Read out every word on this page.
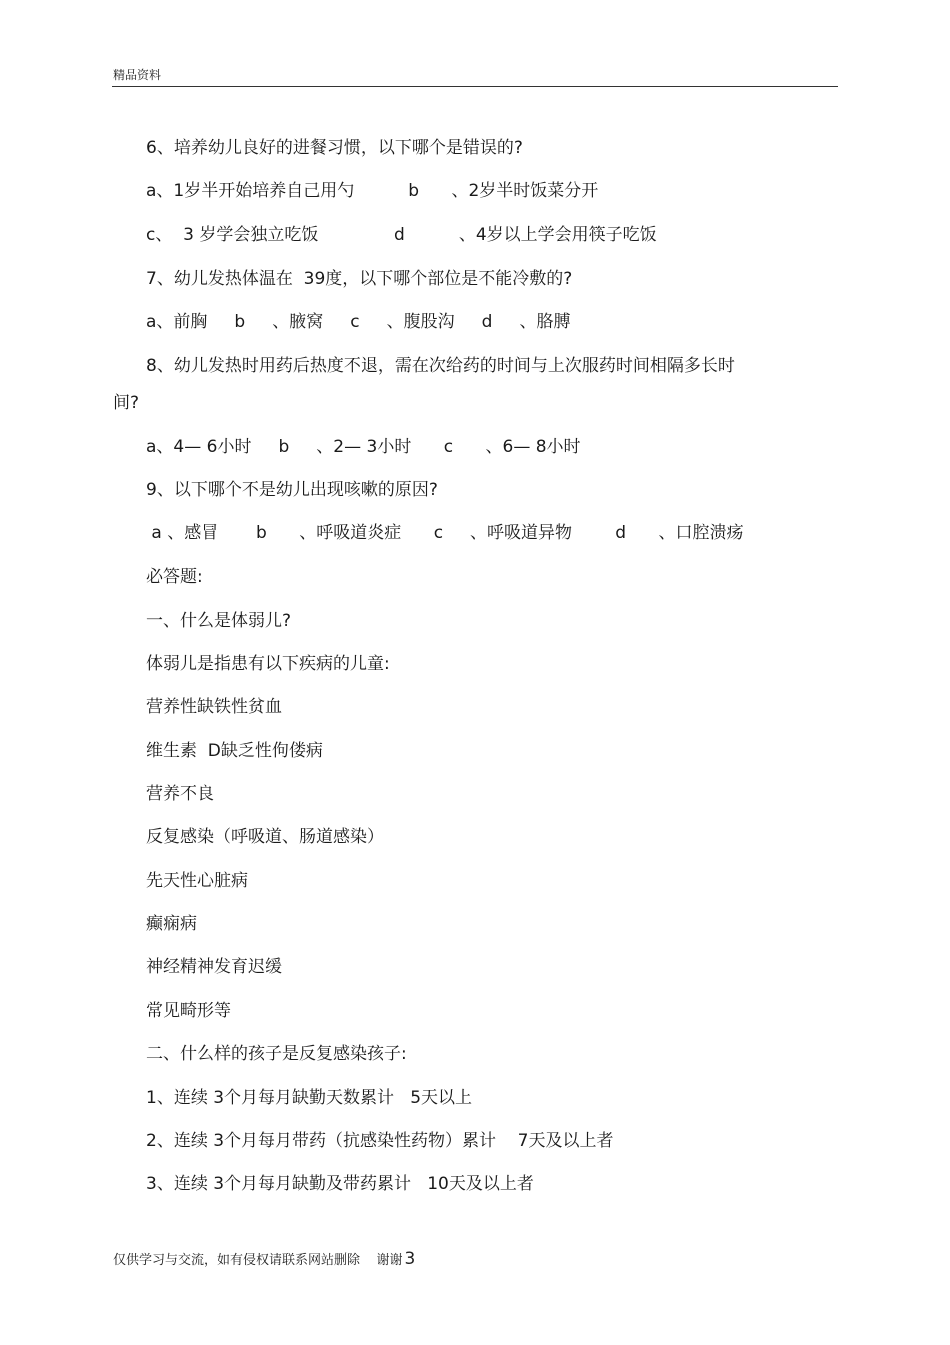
精品资料
6、培养幼儿良好的进餐习惯，以下哪个是错误的?
a、1岁半开始培养自己用勺          b      、2岁半时饭菜分开
c、  3 岁学会独立吃饭              d          、4岁以上学会用筷子吃饭
7、幼儿发热体温在  39度，以下哪个部位是不能冷敷的?
a、前胸     b     、腋窝     c     、腹股沟     d     、胳膊
8、幼儿发热时用药后热度不退，需在次给药的时间与上次服药时间相隔多长时
间?
a、4— 6小时     b     、2— 3小时      c      、6— 8小时
9、以下哪个不是幼儿出现咳嗽的原因?
a 、感冒       b      、呼吸道炎症      c     、呼吸道异物        d      、口腔溃疡
必答题:
一、什么是体弱儿?
体弱儿是指患有以下疾病的儿童:
营养性缺铁性贫血
维生素  D缺乏性佝偻病
营养不良
反复感染（呼吸道、肠道感染）
先天性心脏病
癫痫病
神经精神发育迟缓
常见畸形等
二、什么样的孩子是反复感染孩子:
1、连续 3个月每月缺勤天数累计   5天以上
2、连续 3个月每月带药（抗感染性药物）累计    7天及以上者
3、连续 3个月每月缺勤及带药累计   10天及以上者
仅供学习与交流，如有侵权请联系网站删除    谢谢 3
